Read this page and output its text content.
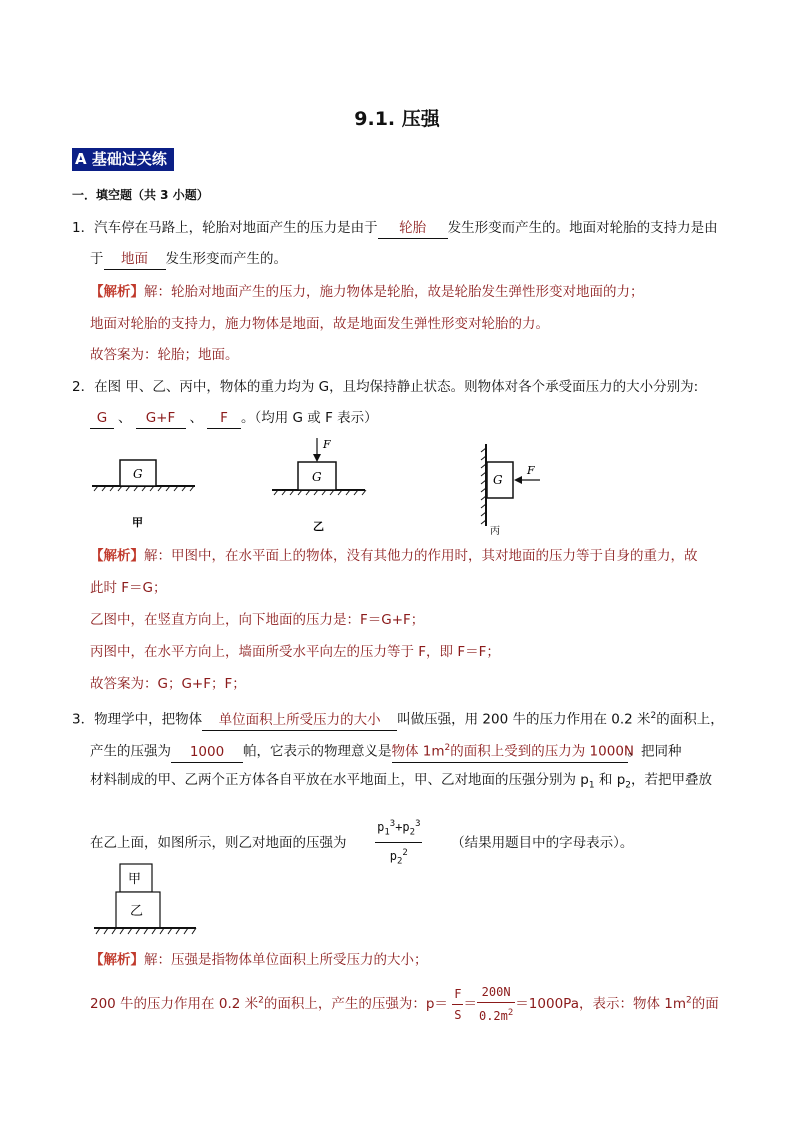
9.1. 压强
A 基础过关练
一．填空题（共 3 小题）
1．汽车停在马路上，轮胎对地面产生的压力是由于 轮胎 发生形变而产生的。地面对轮胎的支持力是由
于 地面 发生形变而产生的。
【解析】解：轮胎对地面产生的压力，施力物体是轮胎，故是轮胎发生弹性形变对地面的力；
地面对轮胎的支持力，施力物体是地面，故是地面发生弹性形变对轮胎的力。
故答案为：轮胎；地面。
2．在图 甲、乙、丙中，物体的重力均为 G，且均保持静止状态。则物体对各个承受面压力的大小分别为:
G 、 G+F 、 F 。（均用 G 或 F 表示）
G
甲
G
F
乙
G
F
丙
【解析】解：甲图中，在水平面上的物体，没有其他力的作用时，其对地面的压力等于自身的重力，故
此时 F＝G；
乙图中，在竖直方向上，向下地面的压力是：F＝G+F；
丙图中，在水平方向上，墙面所受水平向左的压力等于 F，即 F＝F；
故答案为：G；G+F；F；
3．物理学中，把物体 单位面积上所受压力的大小 叫做压强，用 200 牛的压力作用在 0.2 米$^2$的面积上，
产生的压强为 1000 帕，它表示的物理意义是物体 $1m^2$的面积上受到的压力为 1000N。把同种
材料制成的甲、乙两个正方体各自平放在水平地面上，甲、乙对地面的压强分别为 $p_1$ 和 $p_2$，若把甲叠放
在乙上面，如图所示，则乙对地面的压强为 $\frac{p_1^3+p_2^3}{p_2^2}$ （结果用题目中的字母表示）。
甲
乙
【解析】解：压强是指物体单位面积上所受压力的大小；
200 牛的压力作用在 0.2 米$^2$的面积上，产生的压强为：$p= \frac{F}{S} = \frac{200N}{0.2m^2} =1000Pa$，表示：物体 $1m^2$的面
